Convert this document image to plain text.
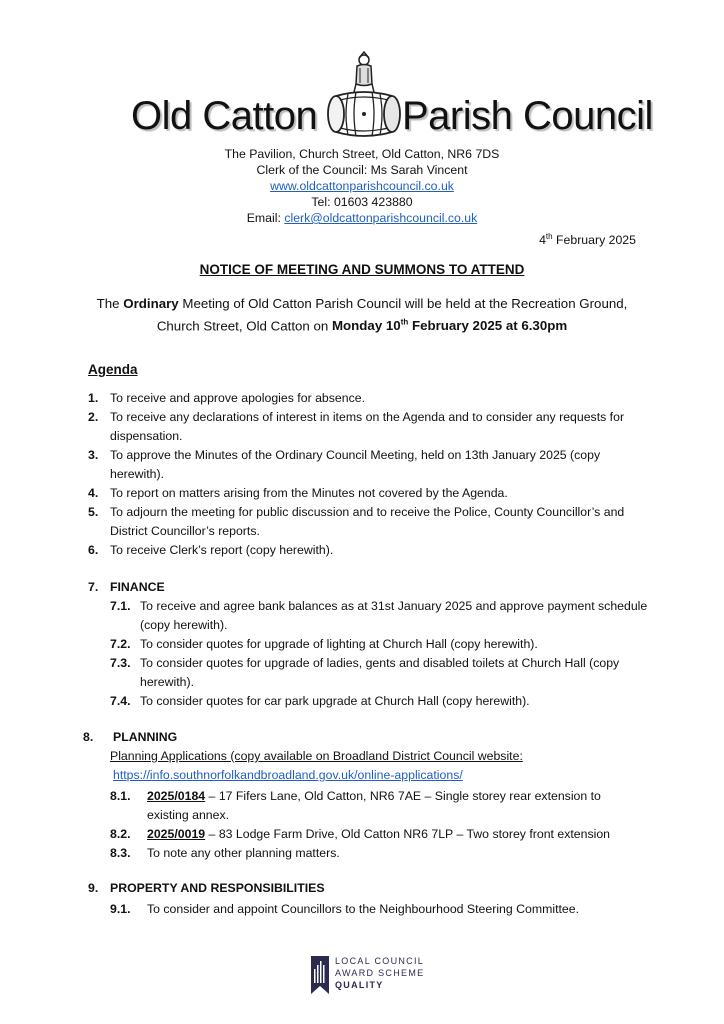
Old Catton Parish Council
The Pavilion, Church Street, Old Catton, NR6 7DS
Clerk of the Council: Ms Sarah Vincent
www.oldcattonparishcouncil.co.uk
Tel: 01603 423880
Email: clerk@oldcattonparishcouncil.co.uk
4th February 2025
NOTICE OF MEETING AND SUMMONS TO ATTEND
The Ordinary Meeting of Old Catton Parish Council will be held at the Recreation Ground,
Church Street, Old Catton on Monday 10th February 2025 at 6.30pm
Agenda
1. To receive and approve apologies for absence.
2. To receive any declarations of interest in items on the Agenda and to consider any requests for
dispensation.
3. To approve the Minutes of the Ordinary Council Meeting, held on 13th January 2025 (copy
herewith).
4. To report on matters arising from the Minutes not covered by the Agenda.
5. To adjourn the meeting for public discussion and to receive the Police, County Councillor’s and
District Councillor’s reports.
6. To receive Clerk’s report (copy herewith).
7. FINANCE
7.1. To receive and agree bank balances as at 31st January 2025 and approve payment schedule
(copy herewith).
7.2. To consider quotes for upgrade of lighting at Church Hall (copy herewith).
7.3. To consider quotes for upgrade of ladies, gents and disabled toilets at Church Hall (copy
herewith).
7.4. To consider quotes for car park upgrade at Church Hall (copy herewith).
8. PLANNING
Planning Applications (copy available on Broadland District Council website:
https://info.southnorfolkandbroadland.gov.uk/online-applications/
8.1. 2025/0184 – 17 Fifers Lane, Old Catton, NR6 7AE – Single storey rear extension to
existing annex.
8.2. 2025/0019 – 83 Lodge Farm Drive, Old Catton NR6 7LP – Two storey front extension
8.3. To note any other planning matters.
9. PROPERTY AND RESPONSIBILITIES
9.1. To consider and appoint Councillors to the Neighbourhood Steering Committee.
LOCAL COUNCIL
AWARD SCHEME
QUALITY
